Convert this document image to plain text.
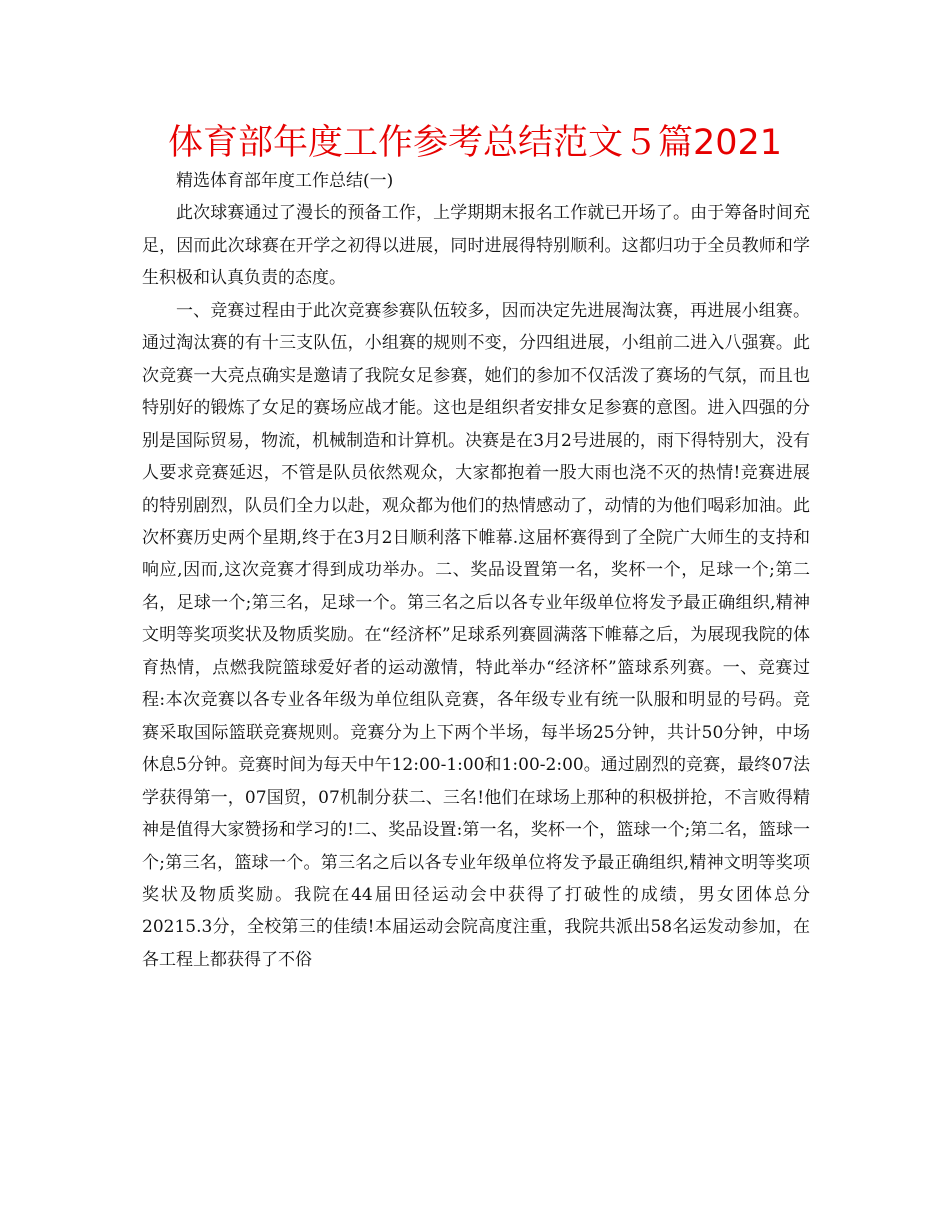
体育部年度工作参考总结范文５篇2021

精选体育部年度工作总结(一)

此次球赛通过了漫长的预备工作，上学期期末报名工作就已开场了。由于筹备时间充足，因而此次球赛在开学之初得以进展，同时进展得特别顺利。这都归功于全员教师和学生积极和认真负责的态度。

一、竞赛过程由于此次竞赛参赛队伍较多，因而决定先进展淘汰赛，再进展小组赛。通过淘汰赛的有十三支队伍，小组赛的规则不变，分四组进展，小组前二进入八强赛。此次竞赛一大亮点确实是邀请了我院女足参赛，她们的参加不仅活泼了赛场的气氛，而且也特别好的锻炼了女足的赛场应战才能。这也是组织者安排女足参赛的意图。进入四强的分别是国际贸易，物流，机械制造和计算机。决赛是在3月2号进展的，雨下得特别大，没有人要求竞赛延迟，不管是队员依然观众，大家都抱着一股大雨也浇不灭的热情!竞赛进展的特别剧烈，队员们全力以赴，观众都为他们的热情感动了，动情的为他们喝彩加油。此次杯赛历史两个星期,终于在3月2日顺利落下帷幕.这届杯赛得到了全院广大师生的支持和响应,因而,这次竞赛才得到成功举办。二、奖品设置第一名，奖杯一个，足球一个;第二名，足球一个;第三名，足球一个。第三名之后以各专业年级单位将发予最正确组织,精神文明等奖项奖状及物质奖励。在“经济杯”足球系列赛圆满落下帷幕之后，为展现我院的体育热情，点燃我院篮球爱好者的运动激情，特此举办“经济杯”篮球系列赛。一、竞赛过程:本次竞赛以各专业各年级为单位组队竞赛，各年级专业有统一队服和明显的号码。竞赛采取国际篮联竞赛规则。竞赛分为上下两个半场，每半场25分钟，共计50分钟，中场休息5分钟。竞赛时间为每天中午12:00-1:00和1:00-2:00。通过剧烈的竞赛，最终07法学获得第一，07国贸，07机制分获二、三名!他们在球场上那种的积极拼抢，不言败得精神是值得大家赞扬和学习的!二、奖品设置:第一名，奖杯一个，篮球一个;第二名，篮球一个;第三名，篮球一个。第三名之后以各专业年级单位将发予最正确组织,精神文明等奖项奖状及物质奖励。我院在44届田径运动会中获得了打破性的成绩，男女团体总分20215.3分，全校第三的佳绩!本届运动会院高度注重，我院共派出58名运发动参加，在各工程上都获得了不俗
